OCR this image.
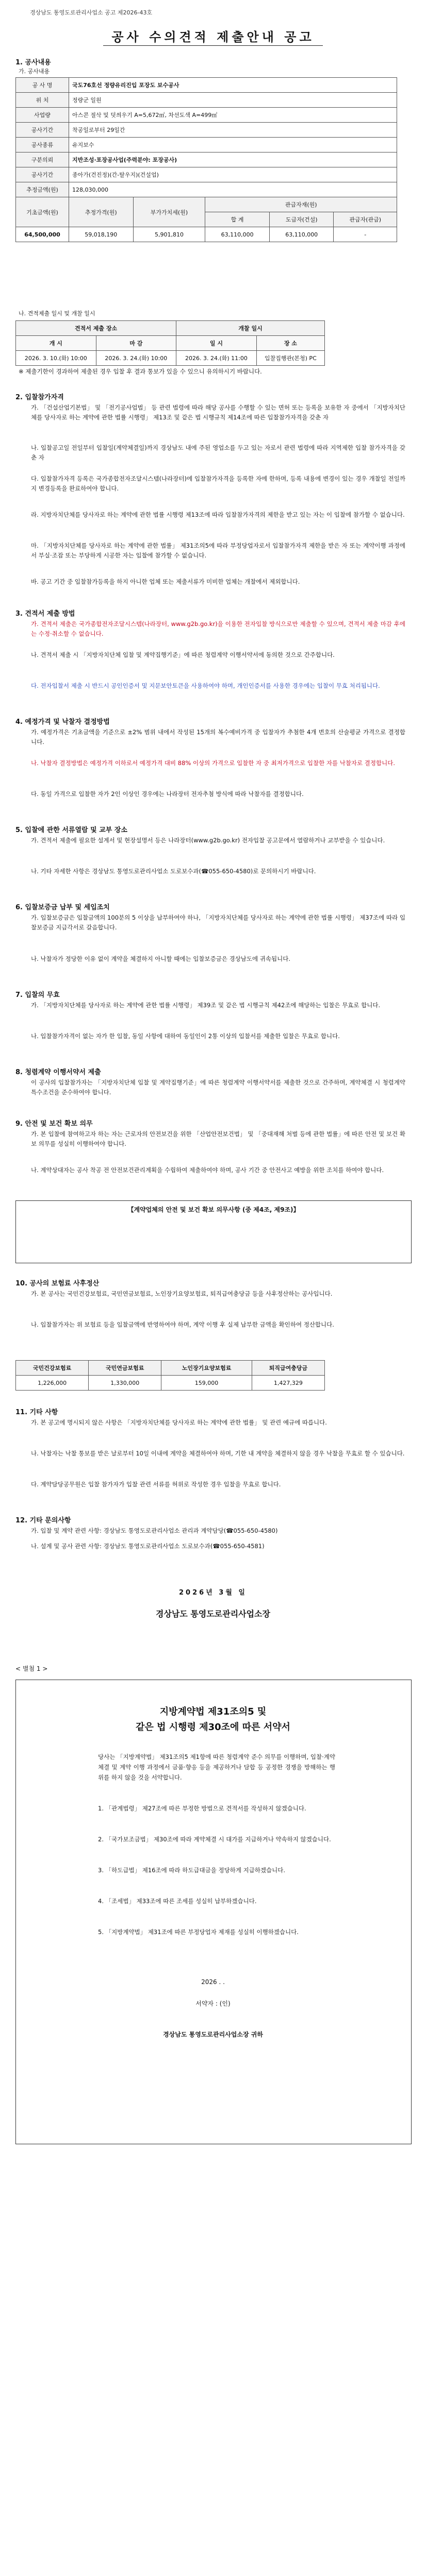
경상남도 통영도로관리사업소 공고 제2026-43호
공사 수의견적 제출안내 공고
1. 공사내용
가. 공사내용
공 사 명	국도76호선 정량유리진입 포장도 보수공사				
위 치	정량군 일원				
사업량	아스콘 절삭 및 덧씌우기 A=5,672㎡, 차선도색 A=499㎡				
공사기간	착공일로부터 29일간				
공사종류	유지보수				
구분의뢰	지반조성·포장공사업(주력분야: 포장공사)				
공사기간	종아가(건진정)(간-탈우지)(건설업)				
추정금액(원)	128,030,000				
기초금액(원)	추정가격(원)	부가가치세(원)	관급자재(원)		
			합 계	도급자(건설)	관급자(관급)
64,500,000	59,018,190	5,901,810	63,110,000	63,110,000	-
나. 견적제출 일시 및 개찰 일시
견적서 제출 장소		개찰 일시	
개 시	마 감	일 시	장 소
2026. 3. 10.(화) 10:00	2026. 3. 24.(화) 10:00	2026. 3. 24.(화) 11:00	입찰집행관(본청) PC
※ 제출기한이 경과하여 제출된 경우 입찰 후 결과 통보가 있을 수 있으니 유의하시기 바랍니다.
2. 입찰참가자격
가. 「건설산업기본법」 및 「전기공사업법」 등 관련 법령에 따라 해당 공사를 수행할 수 있는 면허 또는 등록을 보유한 자 중에서 「지방자치단체를 당사자로 하는 계약에 관한 법률 시행령」 제13조 및 같은 법 시행규칙 제14조에 따른 입찰참가자격을 갖춘 자
나. 입찰공고일 전일부터 입찰일(계약체결일)까지 경상남도 내에 주된 영업소를 두고 있는 자로서 관련 법령에 따라 지역제한 입찰 참가자격을 갖춘 자
다. 입찰참가자격 등록은 국가종합전자조달시스템(나라장터)에 입찰참가자격을 등록한 자에 한하며, 등록 내용에 변경이 있는 경우 개찰일 전일까지 변경등록을 완료하여야 합니다.
라. 지방자치단체를 당사자로 하는 계약에 관한 법률 시행령 제13조에 따라 입찰참가자격의 제한을 받고 있는 자는 이 입찰에 참가할 수 없습니다.
마. 「지방자치단체를 당사자로 하는 계약에 관한 법률」 제31조의5에 따라 부정당업자로서 입찰참가자격 제한을 받은 자 또는 계약이행 과정에서 부실·조잡 또는 부당하게 시공한 자는 입찰에 참가할 수 없습니다.
바. 공고 기간 중 입찰참가등록을 하지 아니한 업체 또는 제출서류가 미비한 업체는 개찰에서 제외합니다.
3. 견적서 제출 방법
가. 견적서 제출은 국가종합전자조달시스템(나라장터, www.g2b.go.kr)을 이용한 전자입찰 방식으로만 제출할 수 있으며, 견적서 제출 마감 후에는 수정·취소할 수 없습니다.
나. 견적서 제출 시 「지방자치단체 입찰 및 계약집행기준」에 따른 청렴계약 이행서약서에 동의한 것으로 간주합니다.
다. 전자입찰서 제출 시 반드시 공인인증서 및 지문보안토큰을 사용하여야 하며, 개인인증서를 사용한 경우에는 입찰이 무효 처리됩니다.
4. 예정가격 및 낙찰자 결정방법
가. 예정가격은 기초금액을 기준으로 ±2% 범위 내에서 작성된 15개의 복수예비가격 중 입찰자가 추첨한 4개 번호의 산술평균 가격으로 결정합니다.
나. 낙찰자 결정방법은 예정가격 이하로서 예정가격 대비 88% 이상의 가격으로 입찰한 자 중 최저가격으로 입찰한 자를 낙찰자로 결정합니다.
다. 동일 가격으로 입찰한 자가 2인 이상인 경우에는 나라장터 전자추첨 방식에 따라 낙찰자를 결정합니다.
5. 입찰에 관한 서류열람 및 교부 장소
가. 견적서 제출에 필요한 설계서 및 현장설명서 등은 나라장터(www.g2b.go.kr) 전자입찰 공고문에서 열람하거나 교부받을 수 있습니다.
나. 기타 자세한 사항은 경상남도 통영도로관리사업소 도로보수과(☎055-650-4580)로 문의하시기 바랍니다.
6. 입찰보증금 납부 및 세입조치
가. 입찰보증금은 입찰금액의 100분의 5 이상을 납부하여야 하나, 「지방자치단체를 당사자로 하는 계약에 관한 법률 시행령」 제37조에 따라 입찰보증금 지급각서로 갈음합니다.
나. 낙찰자가 정당한 이유 없이 계약을 체결하지 아니할 때에는 입찰보증금은 경상남도에 귀속됩니다.
7. 입찰의 무효
가. 「지방자치단체를 당사자로 하는 계약에 관한 법률 시행령」 제39조 및 같은 법 시행규칙 제42조에 해당하는 입찰은 무효로 합니다.
나. 입찰참가자격이 없는 자가 한 입찰, 동일 사항에 대하여 동일인이 2통 이상의 입찰서를 제출한 입찰은 무효로 합니다.
8. 청렴계약 이행서약서 제출
이 공사의 입찰참가자는 「지방자치단체 입찰 및 계약집행기준」에 따른 청렴계약 이행서약서를 제출한 것으로 간주하며, 계약체결 시 청렴계약 특수조건을 준수하여야 합니다.
9. 안전 및 보건 확보 의무
가. 본 입찰에 참여하고자 하는 자는 근로자의 안전보건을 위한 「산업안전보건법」 및 「중대재해 처벌 등에 관한 법률」에 따른 안전 및 보건 확보 의무를 성실히 이행하여야 합니다.
나. 계약상대자는 공사 착공 전 안전보건관리계획을 수립하여 제출하여야 하며, 공사 기간 중 안전사고 예방을 위한 조치를 하여야 합니다.
【계약업체의 안전 및 보건 확보 의무사항 (중 제4조, 제9조)】
10. 공사의 보험료 사후정산
가. 본 공사는 국민건강보험료, 국민연금보험료, 노인장기요양보험료, 퇴직급여충당금 등을 사후정산하는 공사입니다.
나. 입찰참가자는 위 보험료 등을 입찰금액에 반영하여야 하며, 계약 이행 후 실제 납부한 금액을 확인하여 정산합니다.
국민건강보험료	국민연금보험료	노인장기요양보험료	퇴직급여충당금
1,226,000	1,330,000	159,000	1,427,329
11. 기타 사항
가. 본 공고에 명시되지 않은 사항은 「지방자치단체를 당사자로 하는 계약에 관한 법률」 및 관련 예규에 따릅니다.
나. 낙찰자는 낙찰 통보를 받은 날로부터 10일 이내에 계약을 체결하여야 하며, 기한 내 계약을 체결하지 않을 경우 낙찰을 무효로 할 수 있습니다.
다. 계약담당공무원은 입찰 참가자가 입찰 관련 서류를 허위로 작성한 경우 입찰을 무효로 합니다.
12. 기타 문의사항
가. 입찰 및 계약 관련 사항: 경상남도 통영도로관리사업소 관리과 계약담당(☎055-650-4580)
나. 설계 및 공사 관련 사항: 경상남도 통영도로관리사업소 도로보수과(☎055-650-4581)
2026년 3월 일
경상남도 통영도로관리사업소장
< 별첨 1 >
지방계약법 제31조의5 및
같은 법 시행령 제30조에 따른 서약서
당사는 「지방계약법」 제31조의5 제1항에 따른 청렴계약 준수 의무를 이행하며, 입찰·계약 체결 및 계약 이행 과정에서 금품·향응 등을 제공하거나 담합 등 공정한 경쟁을 방해하는 행위를 하지 않을 것을 서약합니다.
1. 「관계법령」 제27조에 따른 부정한 방법으로 견적서를 작성하지 않겠습니다.
2. 「국가보조금법」 제30조에 따라 계약체결 시 대가를 지급하거나 약속하지 않겠습니다.
3. 「하도급법」 제16조에 따라 하도급대금을 정당하게 지급하겠습니다.
4. 「조세법」 제33조에 따른 조세를 성실히 납부하겠습니다.
5. 「지방계약법」 제31조에 따른 부정당업자 제재를 성실히 이행하겠습니다.
2026 . .
서약자 : (인)
경상남도 통영도로관리사업소장 귀하
